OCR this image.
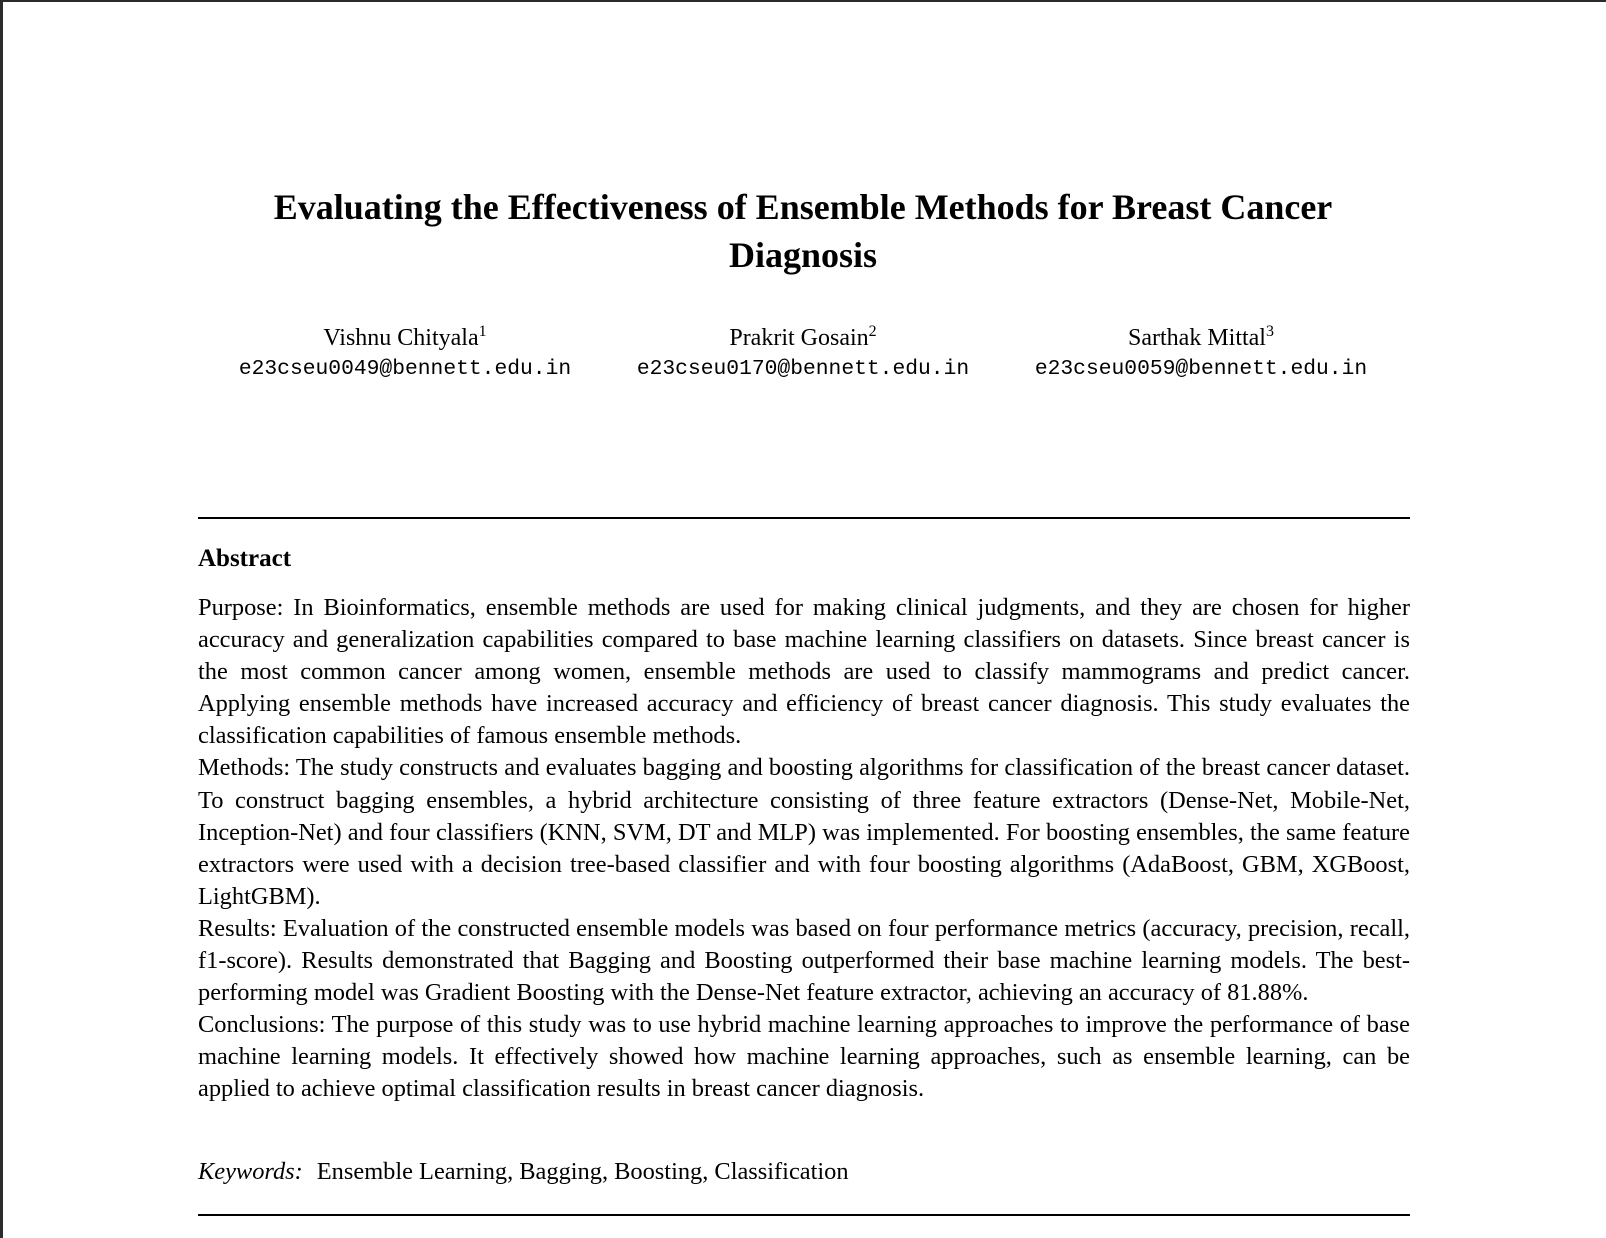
Evaluating the Effectiveness of Ensemble Methods for Breast Cancer
Diagnosis
Vishnu Chityala$^1$
e23cseu0049@bennett.edu.in
Prakrit Gosain$^2$
e23cseu0170@bennett.edu.in
Sarthak Mittal$^3$
e23cseu0059@bennett.edu.in
Abstract

Purpose: In Bioinformatics, ensemble methods are used for making clinical judgments, and they are chosen for higher accuracy and generalization capabilities compared to base machine learning classifiers on datasets. Since breast cancer is the most common cancer among women, ensemble methods are used to classify mammograms and predict cancer. Applying ensemble methods have increased accuracy and efficiency of breast cancer diagnosis. This study evaluates the classification capabilities of famous ensemble methods.

Methods: The study constructs and evaluates bagging and boosting algorithms for classification of the breast cancer dataset. To construct bagging ensembles, a hybrid architecture consisting of three feature extractors (Dense-Net, Mobile-Net, Inception-Net) and four classifiers (KNN, SVM, DT and MLP) was implemented. For boosting ensembles, the same feature extractors were used with a decision tree-based classifier and with four boosting algorithms (AdaBoost, GBM, XGBoost, LightGBM).

Results: Evaluation of the constructed ensemble models was based on four performance metrics (accuracy, precision, recall, f1-score). Results demonstrated that Bagging and Boosting outperformed their base machine learning models. The best-performing model was Gradient Boosting with the Dense-Net feature extractor, achieving an accuracy of 81.88%.

Conclusions: The purpose of this study was to use hybrid machine learning approaches to improve the performance of base machine learning models. It effectively showed how machine learning approaches, such as ensemble learning, can be applied to achieve optimal classification results in breast cancer diagnosis.

Keywords: Ensemble Learning, Bagging, Boosting, Classification
